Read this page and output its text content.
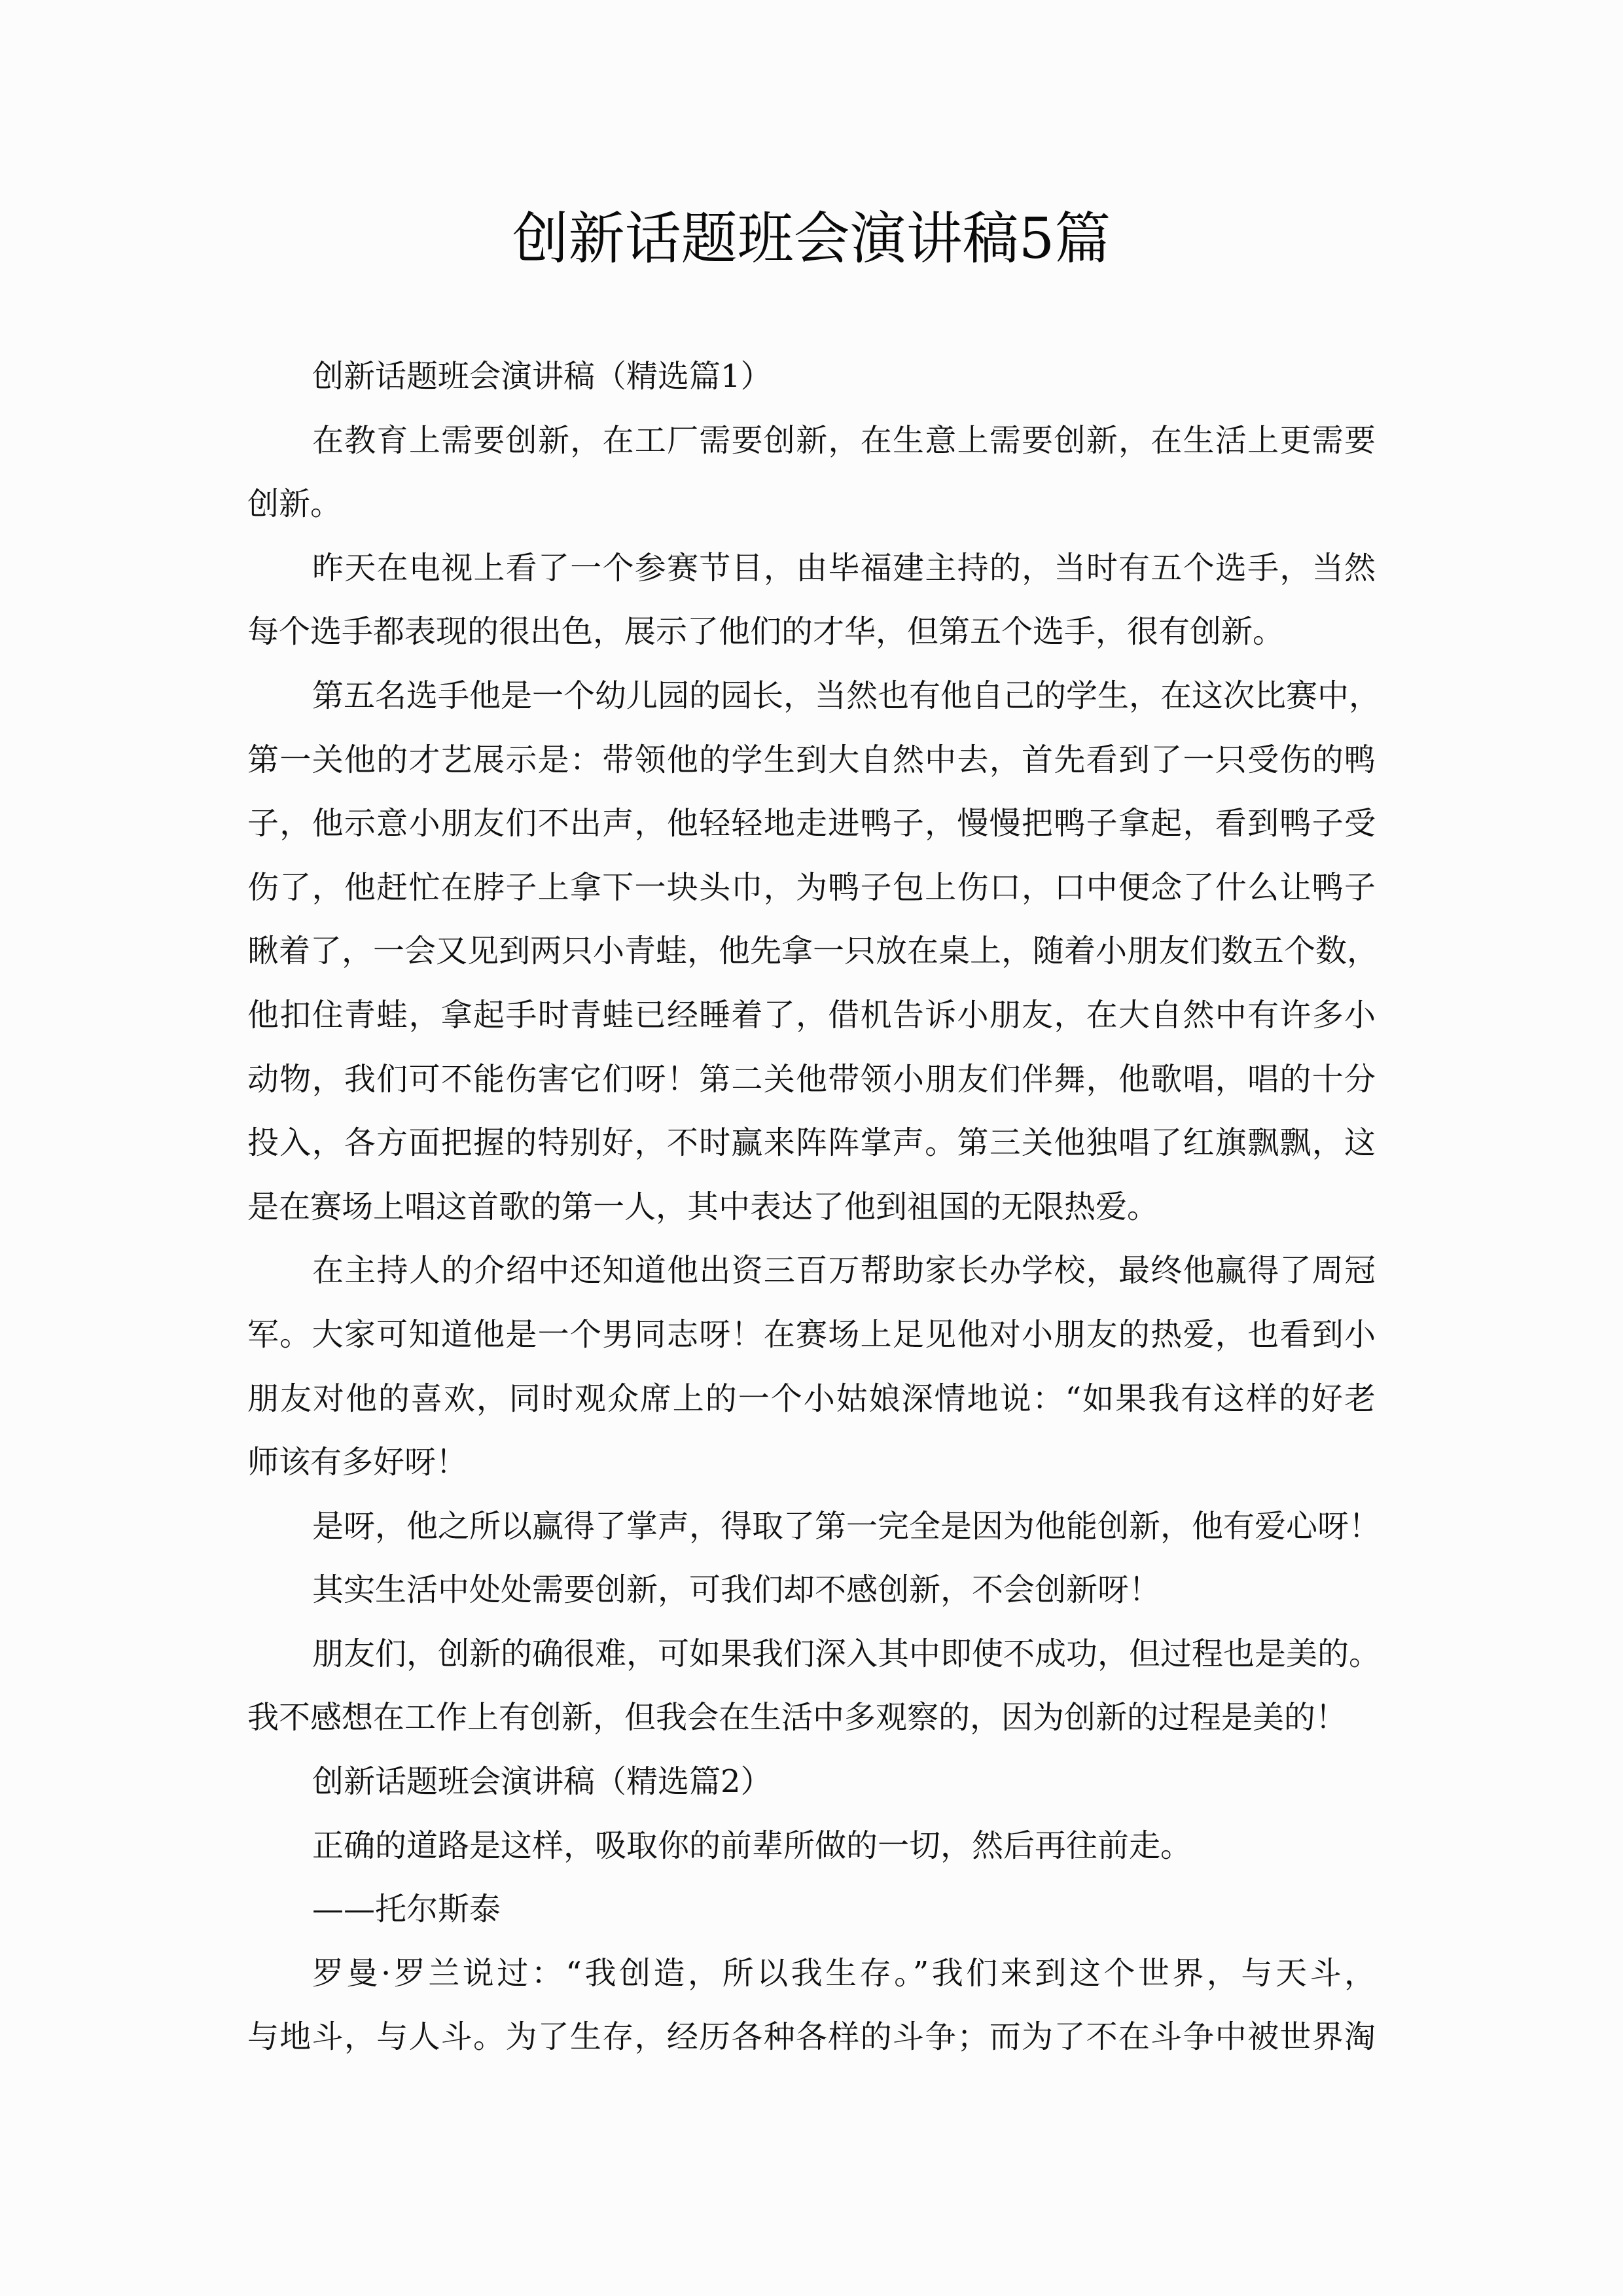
创新话题班会演讲稿5篇
创新话题班会演讲稿（精选篇1）
在教育上需要创新，在工厂需要创新，在生意上需要创新，在生活上更需要
创新。
昨天在电视上看了一个参赛节目，由毕福建主持的，当时有五个选手，当然
每个选手都表现的很出色，展示了他们的才华，但第五个选手，很有创新。
第五名选手他是一个幼儿园的园长，当然也有他自己的学生，在这次比赛中，
第一关他的才艺展示是：带领他的学生到大自然中去，首先看到了一只受伤的鸭
子，他示意小朋友们不出声，他轻轻地走进鸭子，慢慢把鸭子拿起，看到鸭子受
伤了，他赶忙在脖子上拿下一块头巾，为鸭子包上伤口，口中便念了什么让鸭子
瞅着了，一会又见到两只小青蛙，他先拿一只放在桌上，随着小朋友们数五个数，
他扣住青蛙，拿起手时青蛙已经睡着了，借机告诉小朋友，在大自然中有许多小
动物，我们可不能伤害它们呀！第二关他带领小朋友们伴舞，他歌唱，唱的十分
投入，各方面把握的特别好，不时赢来阵阵掌声。第三关他独唱了红旗飘飘，这
是在赛场上唱这首歌的第一人，其中表达了他到祖国的无限热爱。
在主持人的介绍中还知道他出资三百万帮助家长办学校，最终他赢得了周冠
军。大家可知道他是一个男同志呀！在赛场上足见他对小朋友的热爱，也看到小
朋友对他的喜欢，同时观众席上的一个小姑娘深情地说：“如果我有这样的好老
师该有多好呀！
是呀，他之所以赢得了掌声，得取了第一完全是因为他能创新，他有爱心呀！
其实生活中处处需要创新，可我们却不感创新，不会创新呀！
朋友们，创新的确很难，可如果我们深入其中即使不成功，但过程也是美的。
我不感想在工作上有创新，但我会在生活中多观察的，因为创新的过程是美的！
创新话题班会演讲稿（精选篇2）
正确的道路是这样，吸取你的前辈所做的一切，然后再往前走。
——托尔斯泰
罗曼·罗兰说过：“我创造，所以我生存。”我们来到这个世界，与天斗，
与地斗，与人斗。为了生存，经历各种各样的斗争；而为了不在斗争中被世界淘
